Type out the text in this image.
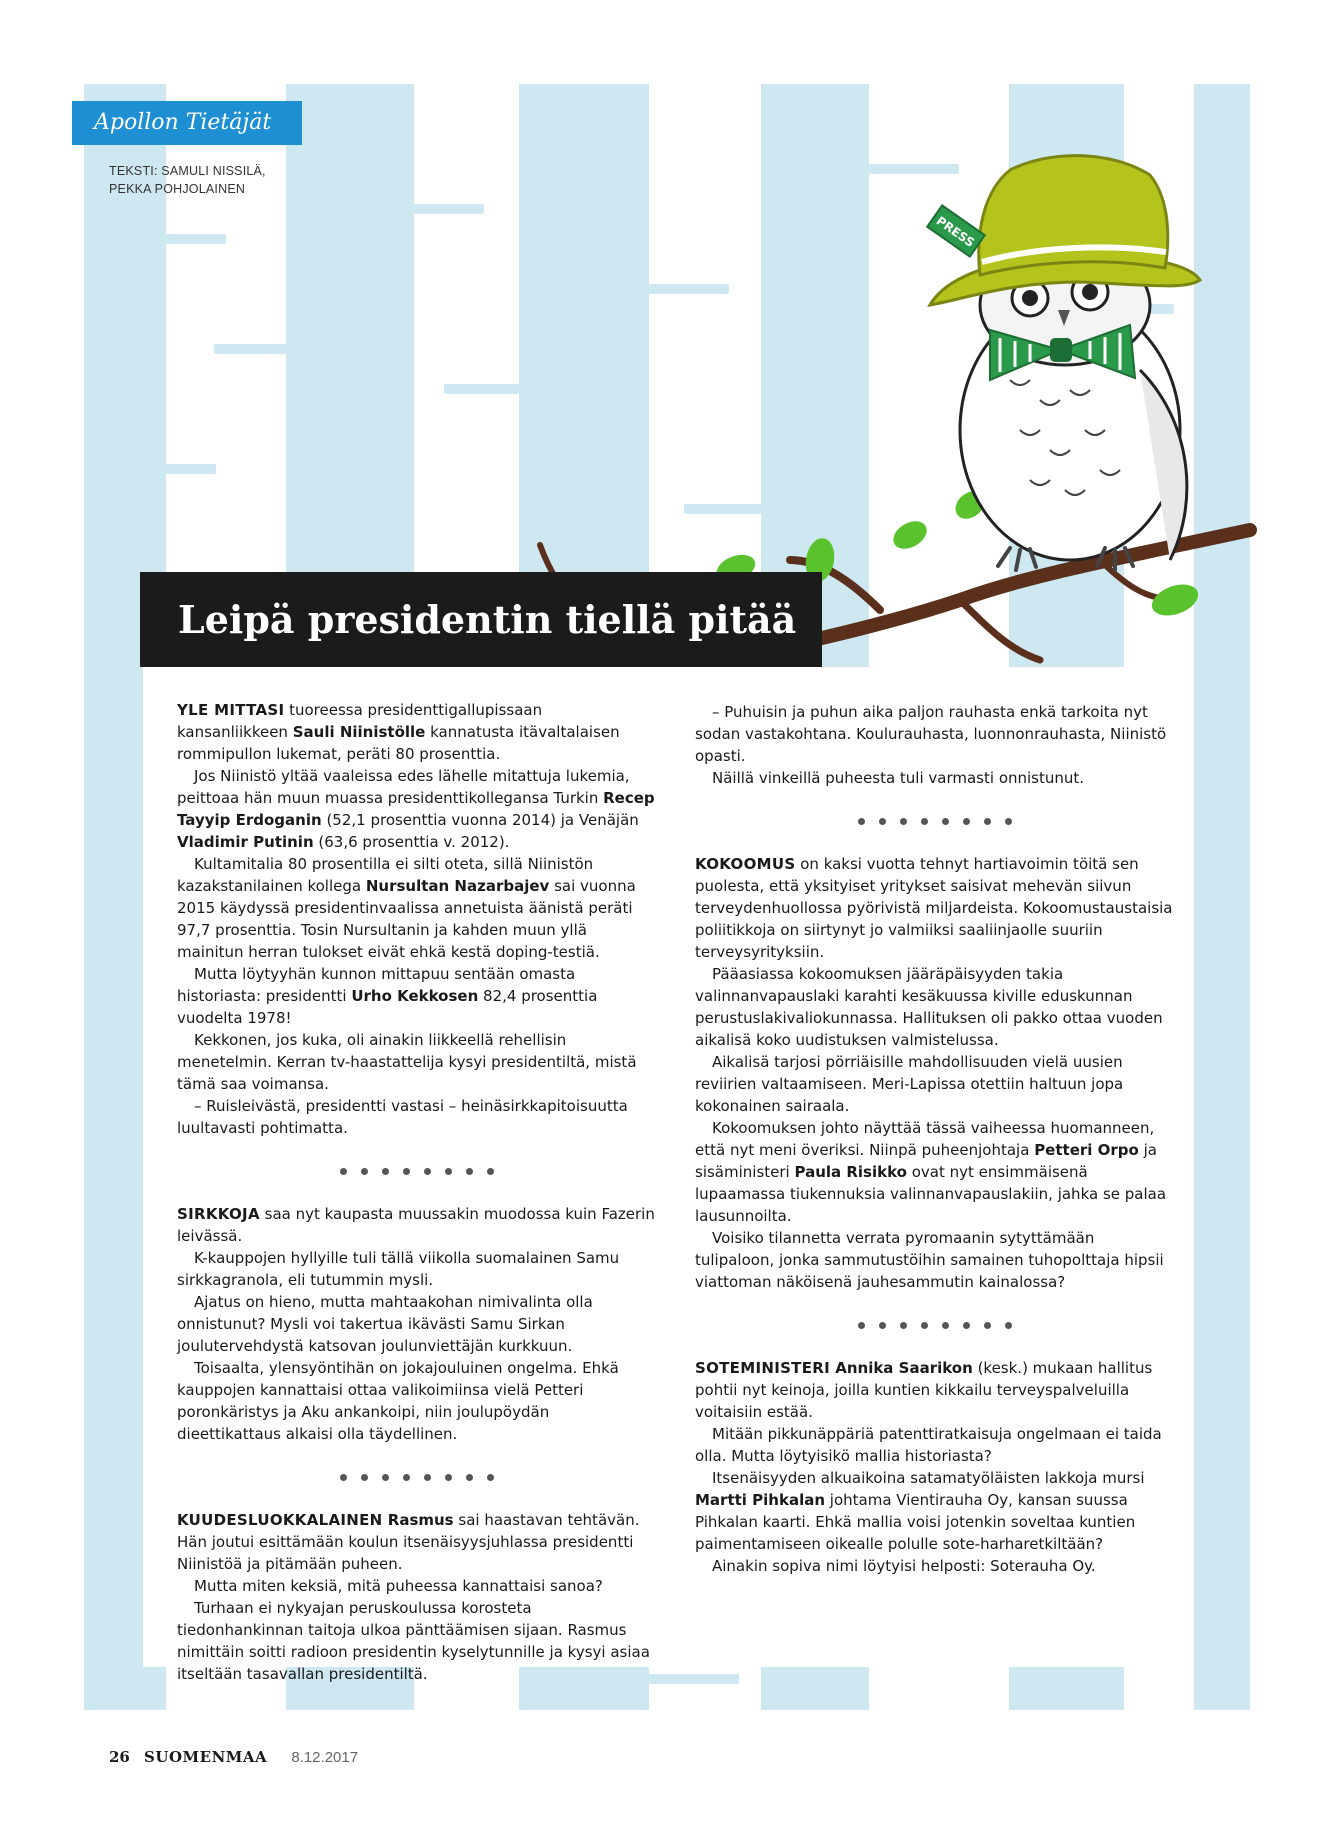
PRESS
Apollon Tietäjät
TEKSTI: SAMULI NISSILÄ,
PEKKA POHJOLAINEN
Leipä presidentin tiellä pitää

YLE MITTASI tuoreessa presidenttigallupissaan kansanliikkeen Sauli Niinistölle kannatusta itävaltalaisen rommipullon lukemat, peräti 80 prosenttia.

Jos Niinistö yltää vaaleissa edes lähelle mitattuja lukemia, peittoaa hän muun muassa presidenttikollegansa Turkin Recep Tayyip Erdoganin (52,1 prosenttia vuonna 2014) ja Venäjän Vladimir Putinin (63,6 prosenttia v. 2012).

Kultamitalia 80 prosentilla ei silti oteta, sillä Niinistön kazakstanilainen kollega Nursultan Nazarbajev sai vuonna 2015 käydyssä presidentinvaalissa annetuista äänistä peräti 97,7 prosenttia. Tosin Nursultanin ja kahden muun yllä mainitun herran tulokset eivät ehkä kestä doping-testiä.

Mutta löytyyhän kunnon mittapuu sentään omasta historiasta: presidentti Urho Kekkosen 82,4 prosenttia vuodelta 1978!

Kekkonen, jos kuka, oli ainakin liikkeellä rehellisin menetelmin. Kerran tv-haastattelija kysyi presidentiltä, mistä tämä saa voimansa.

– Ruisleivästä, presidentti vastasi – heinäsirkkapitoisuutta luultavasti pohtimatta.

SIRKKOJA saa nyt kaupasta muussakin muodossa kuin Fazerin leivässä.

K-kauppojen hyllyille tuli tällä viikolla suomalainen Samu sirkkagranola, eli tutummin mysli.

Ajatus on hieno, mutta mahtaakohan nimivalinta olla onnistunut? Mysli voi takertua ikävästi Samu Sirkan joulutervehdystä katsovan joulunviettäjän kurkkuun.

Toisaalta, ylensyöntihän on jokajouluinen ongelma. Ehkä kauppojen kannattaisi ottaa valikoimiinsa vielä Petteri poronkäristys ja Aku ankankoipi, niin joulupöydän dieettikattaus alkaisi olla täydellinen.

KUUDESLUOKKALAINEN Rasmus sai haastavan tehtävän. Hän joutui esittämään koulun itsenäisyysjuhlassa presidentti Niinistöä ja pitämään puheen.

Mutta miten keksiä, mitä puheessa kannattaisi sanoa?

Turhaan ei nykyajan peruskoulussa korosteta tiedonhankinnan taitoja ulkoa pänttäämisen sijaan. Rasmus nimittäin soitti radioon presidentin kyselytunnille ja kysyi asiaa itseltään tasavallan presidentiltä.

– Puhuisin ja puhun aika paljon rauhasta enkä tarkoita nyt sodan vastakohtana. Koulurauhasta, luonnonrauhasta, Niinistö opasti.

Näillä vinkeillä puheesta tuli varmasti onnistunut.

KOKOOMUS on kaksi vuotta tehnyt hartiavoimin töitä sen puolesta, että yksityiset yritykset saisivat mehevän siivun terveydenhuollossa pyörivistä miljardeista. Kokoomustaustaisia poliitikkoja on siirtynyt jo valmiiksi saaliinjaolle suuriin terveysyrityksiin.

Pääasiassa kokoomuksen jääräpäisyyden takia valinnanvapauslaki karahti kesäkuussa kiville eduskunnan perustuslakivaliokunnassa. Hallituksen oli pakko ottaa vuoden aikalisä koko uudistuksen valmistelussa.

Aikalisä tarjosi pörriäisille mahdollisuuden vielä uusien reviirien valtaamiseen. Meri-Lapissa otettiin haltuun jopa kokonainen sairaala.

Kokoomuksen johto näyttää tässä vaiheessa huomanneen, että nyt meni överiksi. Niinpä puheenjohtaja Petteri Orpo ja sisäministeri Paula Risikko ovat nyt ensimmäisenä lupaamassa tiukennuksia valinnanvapauslakiin, jahka se palaa lausunnoilta.

Voisiko tilannetta verrata pyromaanin sytyttämään tulipaloon, jonka sammutustöihin samainen tuhopolttaja hipsii viattoman näköisenä jauhesammutin kainalossa?

SOTEMINISTERI Annika Saarikon (kesk.) mukaan hallitus pohtii nyt keinoja, joilla kuntien kikkailu terveyspalveluilla voitaisiin estää.

Mitään pikkunäppäriä patenttiratkaisuja ongelmaan ei taida olla. Mutta löytyisikö mallia historiasta?

Itsenäisyyden alkuaikoina satamatyöläisten lakkoja mursi Martti Pihkalan johtama Vientirauha Oy, kansan suussa Pihkalan kaarti. Ehkä mallia voisi jotenkin soveltaa kuntien paimentamiseen oikealle polulle sote-harharetkiltään?

Ainakin sopiva nimi löytyisi helposti: Soterauha Oy.

26 SUOMENMAA 8.12.2017
